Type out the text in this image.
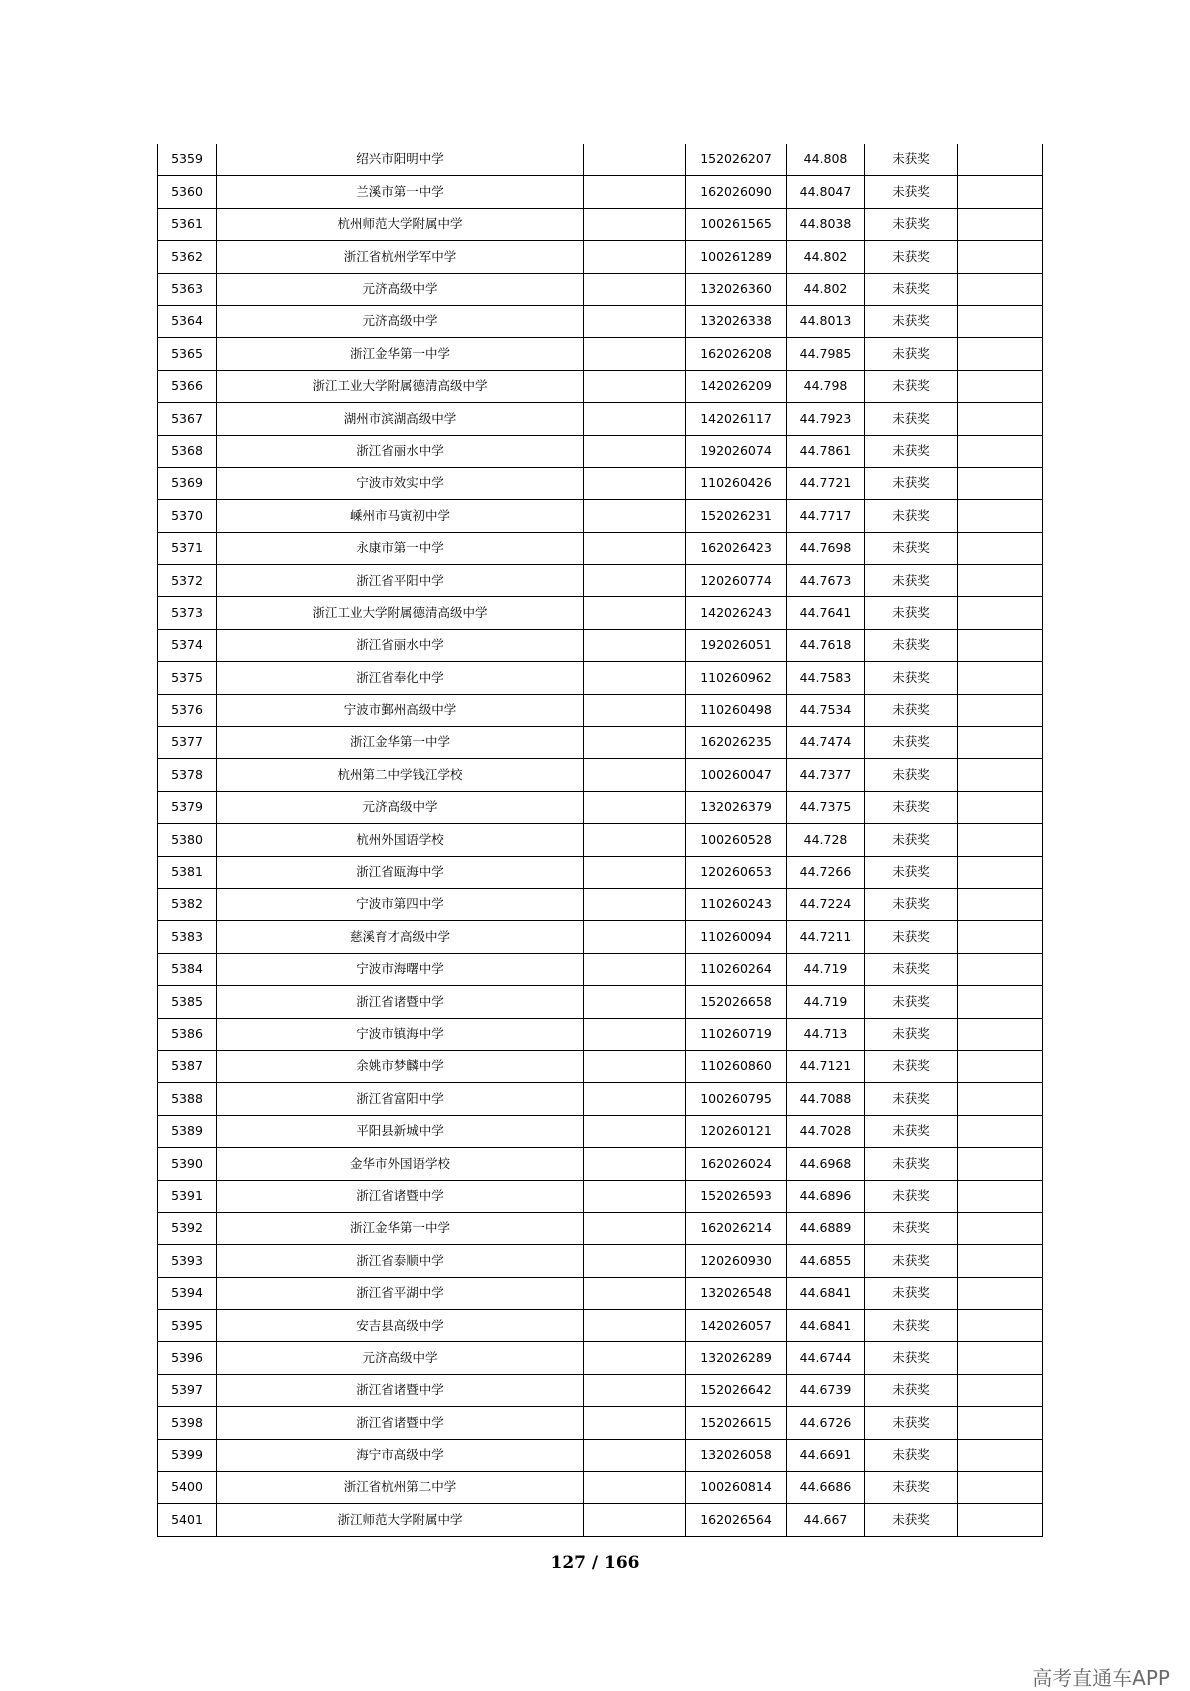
5359	绍兴市阳明中学		152026207	44.808	未获奖	
5360	兰溪市第一中学		162026090	44.8047	未获奖	
5361	杭州师范大学附属中学		100261565	44.8038	未获奖	
5362	浙江省杭州学军中学		100261289	44.802	未获奖	
5363	元济高级中学		132026360	44.802	未获奖	
5364	元济高级中学		132026338	44.8013	未获奖	
5365	浙江金华第一中学		162026208	44.7985	未获奖	
5366	浙江工业大学附属德清高级中学		142026209	44.798	未获奖	
5367	湖州市滨湖高级中学		142026117	44.7923	未获奖	
5368	浙江省丽水中学		192026074	44.7861	未获奖	
5369	宁波市效实中学		110260426	44.7721	未获奖	
5370	嵊州市马寅初中学		152026231	44.7717	未获奖	
5371	永康市第一中学		162026423	44.7698	未获奖	
5372	浙江省平阳中学		120260774	44.7673	未获奖	
5373	浙江工业大学附属德清高级中学		142026243	44.7641	未获奖	
5374	浙江省丽水中学		192026051	44.7618	未获奖	
5375	浙江省奉化中学		110260962	44.7583	未获奖	
5376	宁波市鄞州高级中学		110260498	44.7534	未获奖	
5377	浙江金华第一中学		162026235	44.7474	未获奖	
5378	杭州第二中学钱江学校		100260047	44.7377	未获奖	
5379	元济高级中学		132026379	44.7375	未获奖	
5380	杭州外国语学校		100260528	44.728	未获奖	
5381	浙江省瓯海中学		120260653	44.7266	未获奖	
5382	宁波市第四中学		110260243	44.7224	未获奖	
5383	慈溪育才高级中学		110260094	44.7211	未获奖	
5384	宁波市海曙中学		110260264	44.719	未获奖	
5385	浙江省诸暨中学		152026658	44.719	未获奖	
5386	宁波市镇海中学		110260719	44.713	未获奖	
5387	余姚市梦麟中学		110260860	44.7121	未获奖	
5388	浙江省富阳中学		100260795	44.7088	未获奖	
5389	平阳县新城中学		120260121	44.7028	未获奖	
5390	金华市外国语学校		162026024	44.6968	未获奖	
5391	浙江省诸暨中学		152026593	44.6896	未获奖	
5392	浙江金华第一中学		162026214	44.6889	未获奖	
5393	浙江省泰顺中学		120260930	44.6855	未获奖	
5394	浙江省平湖中学		132026548	44.6841	未获奖	
5395	安吉县高级中学		142026057	44.6841	未获奖	
5396	元济高级中学		132026289	44.6744	未获奖	
5397	浙江省诸暨中学		152026642	44.6739	未获奖	
5398	浙江省诸暨中学		152026615	44.6726	未获奖	
5399	海宁市高级中学		132026058	44.6691	未获奖	
5400	浙江省杭州第二中学		100260814	44.6686	未获奖	
5401	浙江师范大学附属中学		162026564	44.667	未获奖	
127 / 166
高考直通车APP
